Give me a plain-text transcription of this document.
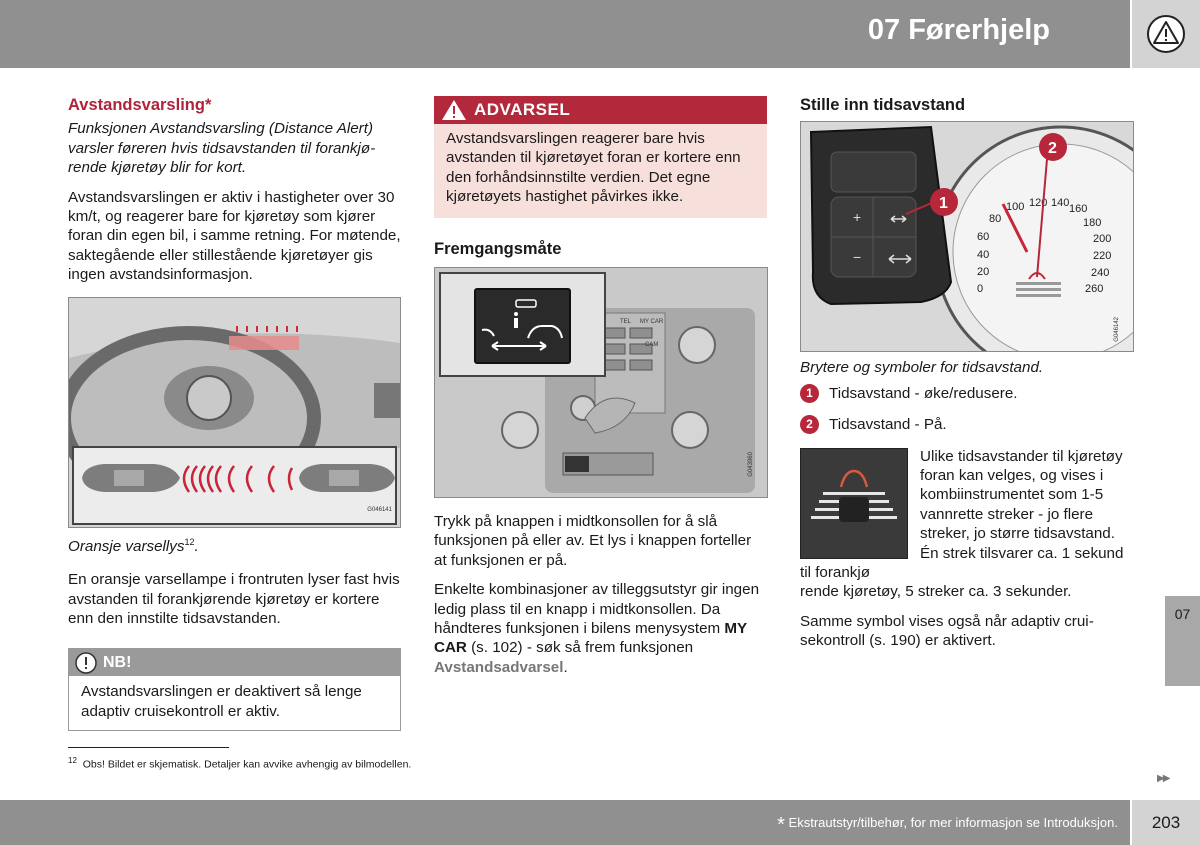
07 Førerhjelp
Avstandsvarsling*

Funksjonen Avstandsvarsling (Distance Alert) varsler føreren hvis tidsavstanden til forankjørende kjøretøy blir for kort.

Avstandsvarslingen er aktiv i hastigheter over 30 km/t, og reagerer bare for kjøretøy som kjører foran din egen bil, i samme retning. For møtende, saktegående eller stillestående kjøretøyer gis ingen avstandsinformasjon.

G046141
Oransje varsellys$^{12}$.

En oransje varsellampe i frontruten lyser fast hvis avstanden til forankjørende kjøretøy er kortere enn den innstilte tidsavstanden.

NB!
Avstandsvarslingen er deaktivert så lenge adaptiv cruisekontroll er aktiv.
ADVARSEL
Avstandsvarslingen reagerer bare hvis avstanden til kjøretøyet foran er kortere enn den forhåndsinnstilte verdien. Det egne kjøretøyets hastighet påvirkes ikke.
Fremgangsmåte
TEL MY CAR
CAM
G043960

Trykk på knappen i midtkonsollen for å slå funksjonen på eller av. Et lys i knappen forteller at funksjonen er på.

Enkelte kombinasjoner av tilleggsutstyr gir ingen ledig plass til en knapp i midtkonsollen. Da håndteres funksjonen i bilens menysystem MY CAR (s. 102) - søk så frem funksjonen Avstandsadvarsel.

Stille inn tidsavstand
80
100 120 140 160
180
200
220
240
260
60
40
20
0
+
−
1
2
G046142
Brytere og symboler for tidsavstand.
1	Tidsavstand - øke/redusere.
2	Tidsavstand - På.
Ulike tidsavstander til kjøretøy foran kan velges, og vises i kombiinstrumentet som 1-5 vannrette streker - jo flere streker, jo større tidsavstand. Én strek tilsvarer ca. 1 sekund til forankjø
rende kjøretøy, 5 streker ca. 3 sekunder.

Samme symbol vises også når adaptiv cruisekontroll (s. 190) er aktivert.

07
$^{12}$ Obs! Bildet er skjematisk. Detaljer kan avvike avhengig av bilmodellen.
▶▶
* Ekstrautstyr/tilbehør, for mer informasjon se Introduksjon.	203
